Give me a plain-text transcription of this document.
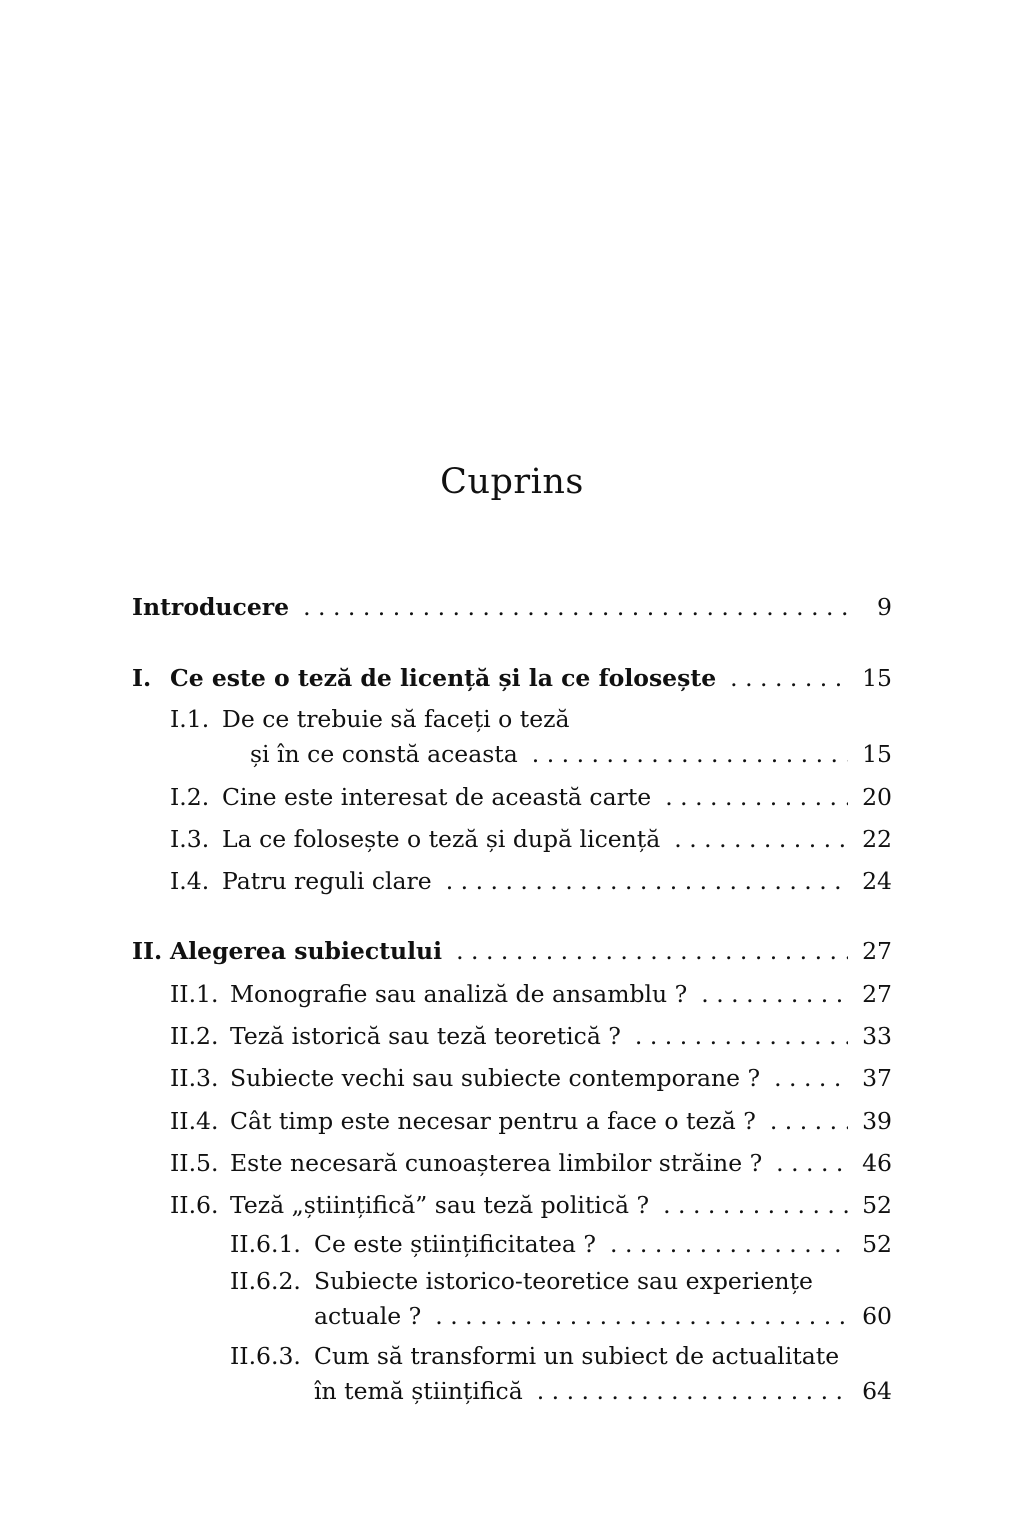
Cuprins
Introducere . . .	9
I. Ce este o teză de licență și la ce folosește . . .	15
I.1. De ce trebuie să faceți o teză
și în ce constă aceasta . . .	15
I.2. Cine este interesat de această carte . . .	20
I.3. La ce folosește o teză și după licență . . .	22
I.4. Patru reguli clare . . .	24
II. Alegerea subiectului . . .	27
II.1. Monografie sau analiză de ansamblu ? . . .	27
II.2. Teză istorică sau teză teoretică ? . . .	33
II.3. Subiecte vechi sau subiecte contemporane ? . . .	37
II.4. Cât timp este necesar pentru a face o teză ? . . .	39
II.5. Este necesară cunoașterea limbilor străine ? . . .	46
II.6. Teză „științifică” sau teză politică ? . . .	52
II.6.1. Ce este științificitatea ? . . .	52
II.6.2. Subiecte istorico-teoretice sau experiențe
actuale ? . . .	60
II.6.3. Cum să transformi un subiect de actualitate
în temă științifică . . .	64
